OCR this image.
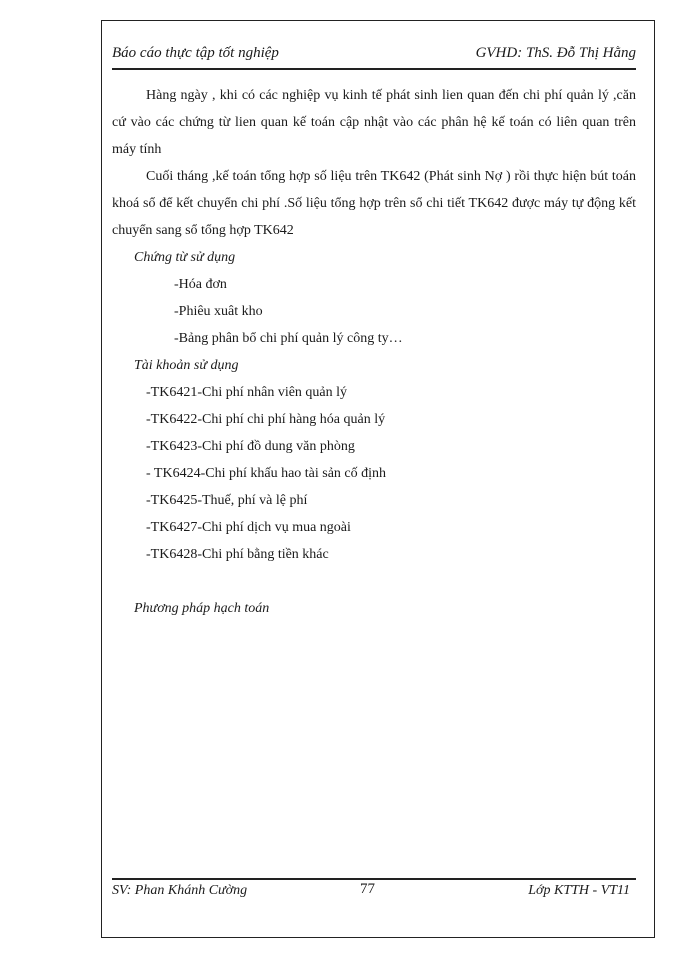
Báo cáo thực tập tốt nghiệp	GVHD: ThS. Đỗ Thị Hằng

Hàng ngày , khi có các nghiệp vụ kinh tế phát sinh lien quan đến chi phí quản lý ,căn cứ vào các chứng từ lien quan kế toán cập nhật vào các phân hệ kế toán có liên quan trên máy tính

Cuối tháng ,kế toán tổng hợp số liệu trên TK642 (Phát sinh Nợ ) rồi thực hiện bút toán khoá sổ để kết chuyển chi phí .Số liệu tổng hợp trên sổ chi tiết TK642 được máy tự động kết chuyển sang sổ tổng hợp TK642

Chứng từ sử dụng
-Hóa đơn
-Phiêu xuât kho
-Bảng phân bổ chi phí quản lý công ty…
Tài khoản sử dụng
-TK6421-Chi phí nhân viên quản lý
-TK6422-Chi phí chi phí hàng hóa quản lý
-TK6423-Chi phí đồ dung văn phòng
- TK6424-Chi phí khấu hao tài sản cố định
-TK6425-Thuế, phí và lệ phí
-TK6427-Chi phí dịch vụ mua ngoài
-TK6428-Chi phí bằng tiền khác
Phương pháp hạch toán
SV: Phan Khánh Cường	77	Lớp KTTH - VT11
